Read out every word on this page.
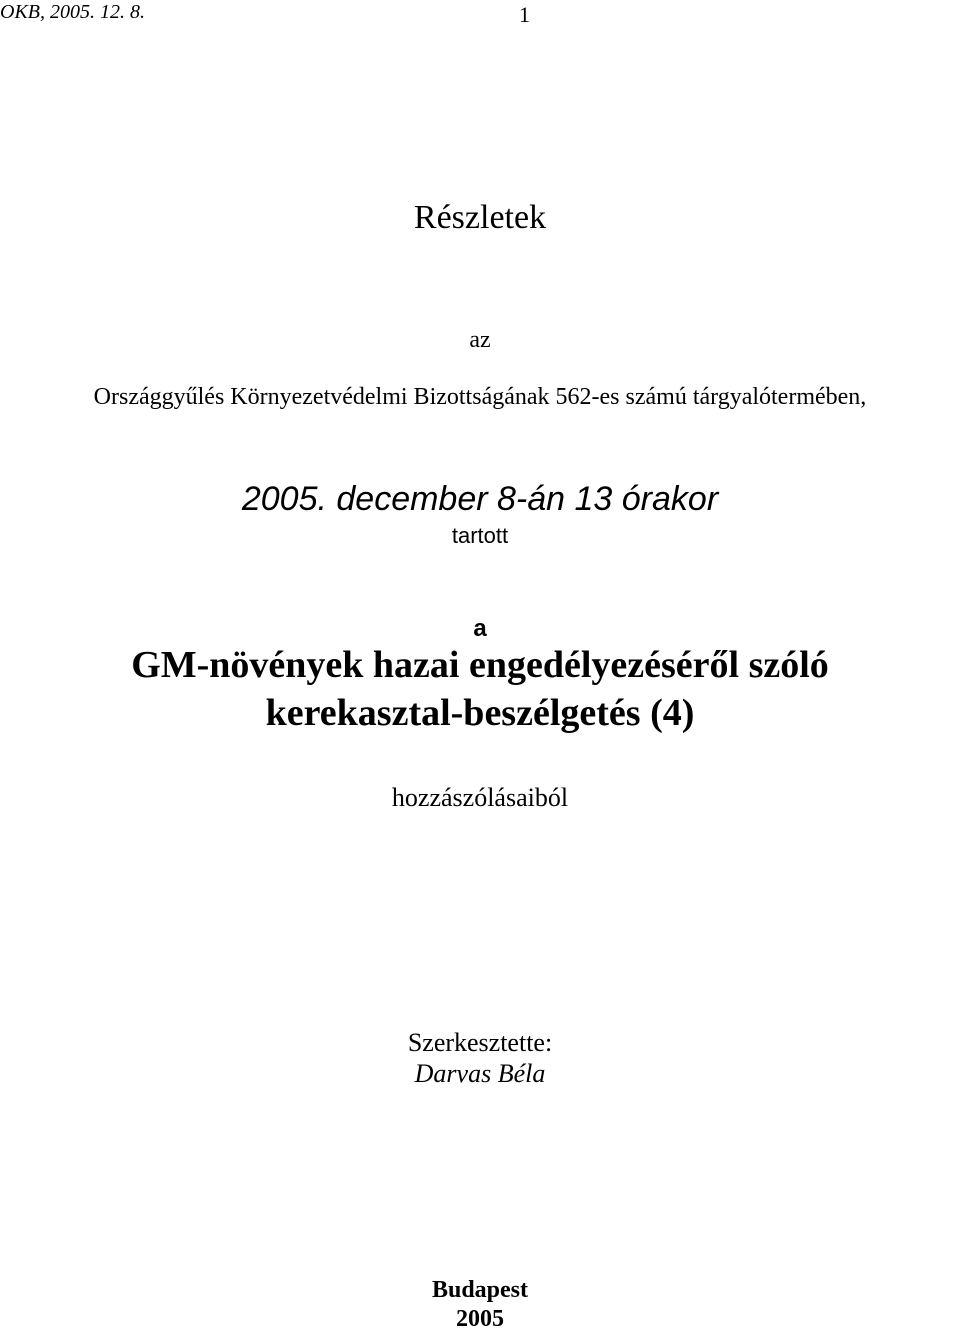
OKB, 2005. 12. 8.	1
Részletek
az
Országgyűlés Környezetvédelmi Bizottságának 562-es számú tárgyalótermében,
2005. december 8-án 13 órakor
tartott
a
GM-növények hazai engedélyezéséről szóló
kerekasztal-beszélgetés (4)
hozzászólásaiból
Szerkesztette:
Darvas Béla
Budapest
2005
